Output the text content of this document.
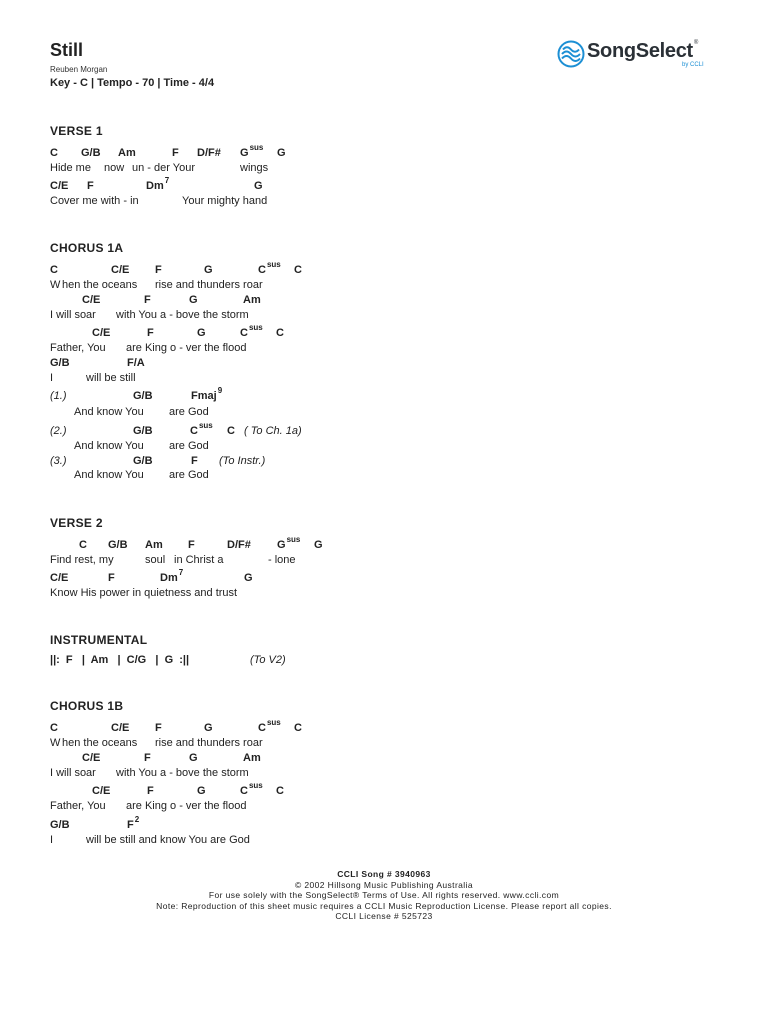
Still
Reuben Morgan
Key - C | Tempo - 70 | Time - 4/4
SongSelect®
by CCLI
VERSE 1
C G/B Am	F D/F# $G^{sus}$ G
Hide me now un - der Your	wings
C/E F	Dm$^7$	G
Cover me with - in	Your mighty hand
CHORUS 1A
C	C/E F	G	$C^{sus}$ C
W hen the oceans rise and thunders roar
C/E	F	G	Am
I will soar with You a - bove the storm
C/E	F	G	$C^{sus}$ C
Father, You are King o - ver the flood
G/B	F/A
I	will be still
(1.)	G/B	Fmaj$^9$
And know You are God
(2.)	G/B	$C^{sus}$ C ( To Ch. 1a)
And know You are God
(3.)	G/B	F (To Instr.)
And know You are God
VERSE 2
C G/B Am F	D/F# $G^{sus}$ G
Find rest, my	soul in Christ a	- lone
C/E	F	Dm$^7$	G
Know His power in quietness and trust
INSTRUMENTAL
||:  F   |  Am   |  C/G   |  G  :||	(To V2)
CHORUS 1B
C	C/E F	G	$C^{sus}$ C
W hen the oceans rise and thunders roar
C/E	F	G	Am
I will soar with You a - bove the storm
C/E	F	G	$C^{sus}$ C
Father, You are King o - ver the flood
G/B	$F^2$
I	will be still and know You are God
CCLI Song # 3940963
© 2002 Hillsong Music Publishing Australia
For use solely with the SongSelect® Terms of Use. All rights reserved. www.ccli.com
Note: Reproduction of this sheet music requires a CCLI Music Reproduction License. Please report all copies.
CCLI License # 525723
